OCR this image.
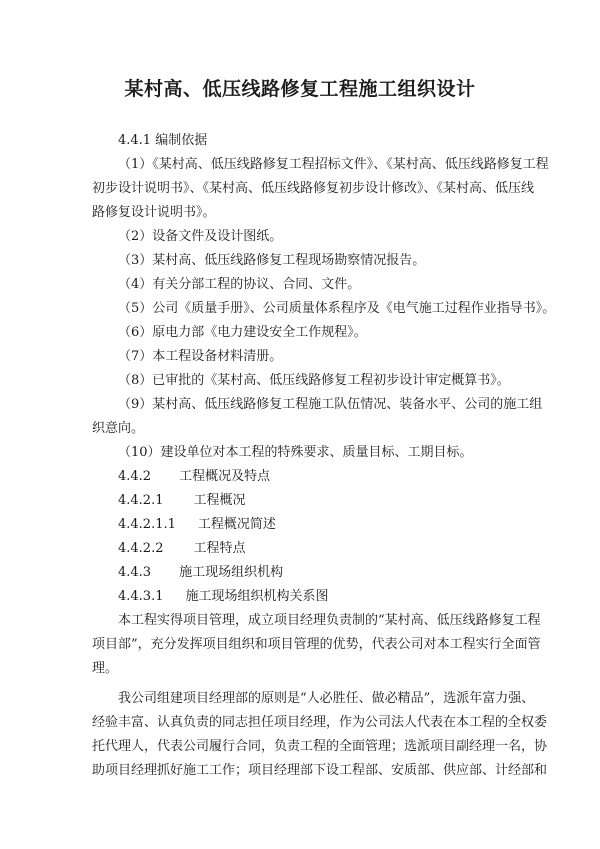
某村高、低压线路修复工程施工组织设计
4.4.1 编制依据
（1）《某村高、低压线路修复工程招标文件》、《某村高、低压线路修复工程
初步设计说明书》、《某村高、低压线路修复初步设计修改》、《某村高、低压线
路修复设计说明书》。
（2）设备文件及设计图纸。
（3）某村高、低压线路修复工程现场勘察情况报告。
（4）有关分部工程的协议、合同、文件。
（5）公司《质量手册》、公司质量体系程序及《电气施工过程作业指导书》。
（6）原电力部《电力建设安全工作规程》。
（7）本工程设备材料清册。
（8）已审批的《某村高、低压线路修复工程初步设计审定概算书》。
（9）某村高、低压线路修复工程施工队伍情况、装备水平、公司的施工组
织意向。
（10）建设单位对本工程的特殊要求、质量目标、工期目标。
4.4.2 工程概况及特点
4.4.2.1 工程概况
4.4.2.1.1 工程概况简述
4.4.2.2 工程特点
4.4.3 施工现场组织机构
4.4.3.1 施工现场组织机构关系图
本工程实得项目管理，成立项目经理负责制的“某村高、低压线路修复工程
项目部”，充分发挥项目组织和项目管理的优势，代表公司对本工程实行全面管
理。
我公司组建项目经理部的原则是“人必胜任、做必精品”，选派年富力强、
经验丰富、认真负责的同志担任项目经理，作为公司法人代表在本工程的全权委
托代理人，代表公司履行合同，负责工程的全面管理；选派项目副经理一名，协
助项目经理抓好施工工作；项目经理部下设工程部、安质部、供应部、计经部和
